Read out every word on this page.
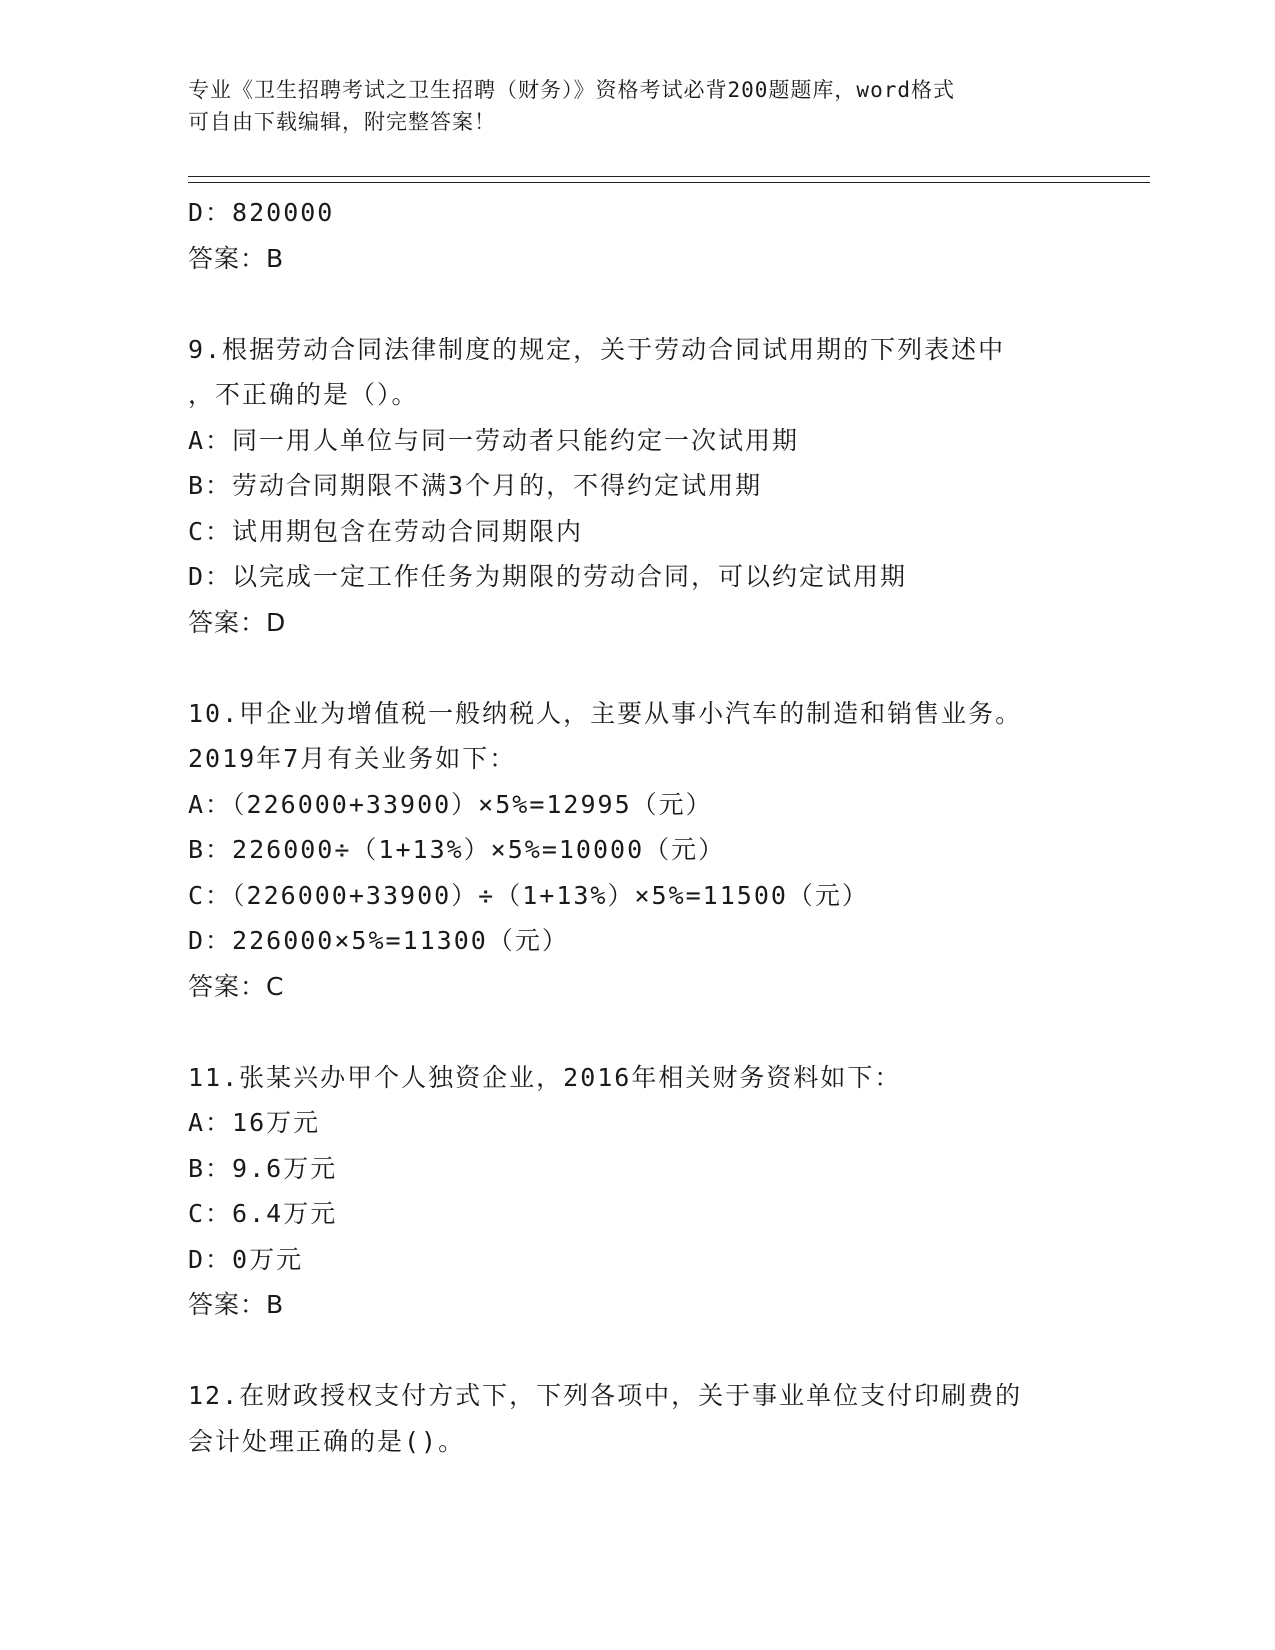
专业《卫生招聘考试之卫生招聘（财务）》资格考试必背200题题库，word格式
可自由下载编辑，附完整答案！
D：820000
答案：B
9.根据劳动合同法律制度的规定，关于劳动合同试用期的下列表述中
，不正确的是（）。
A：同一用人单位与同一劳动者只能约定一次试用期
B：劳动合同期限不满3个月的，不得约定试用期
C：试用期包含在劳动合同期限内
D：以完成一定工作任务为期限的劳动合同，可以约定试用期
答案：D
10.甲企业为增值税一般纳税人，主要从事小汽车的制造和销售业务。
2019年7月有关业务如下：
A：（226000+33900）×5%=12995（元）
B：226000÷（1+13%）×5%=10000（元）
C：（226000+33900）÷（1+13%）×5%=11500（元）
D：226000×5%=11300（元）
答案：C
11.张某兴办甲个人独资企业，2016年相关财务资料如下：
A：16万元
B：9.6万元
C：6.4万元
D：0万元
答案：B
12.在财政授权支付方式下，下列各项中，关于事业单位支付印刷费的
会计处理正确的是()。
